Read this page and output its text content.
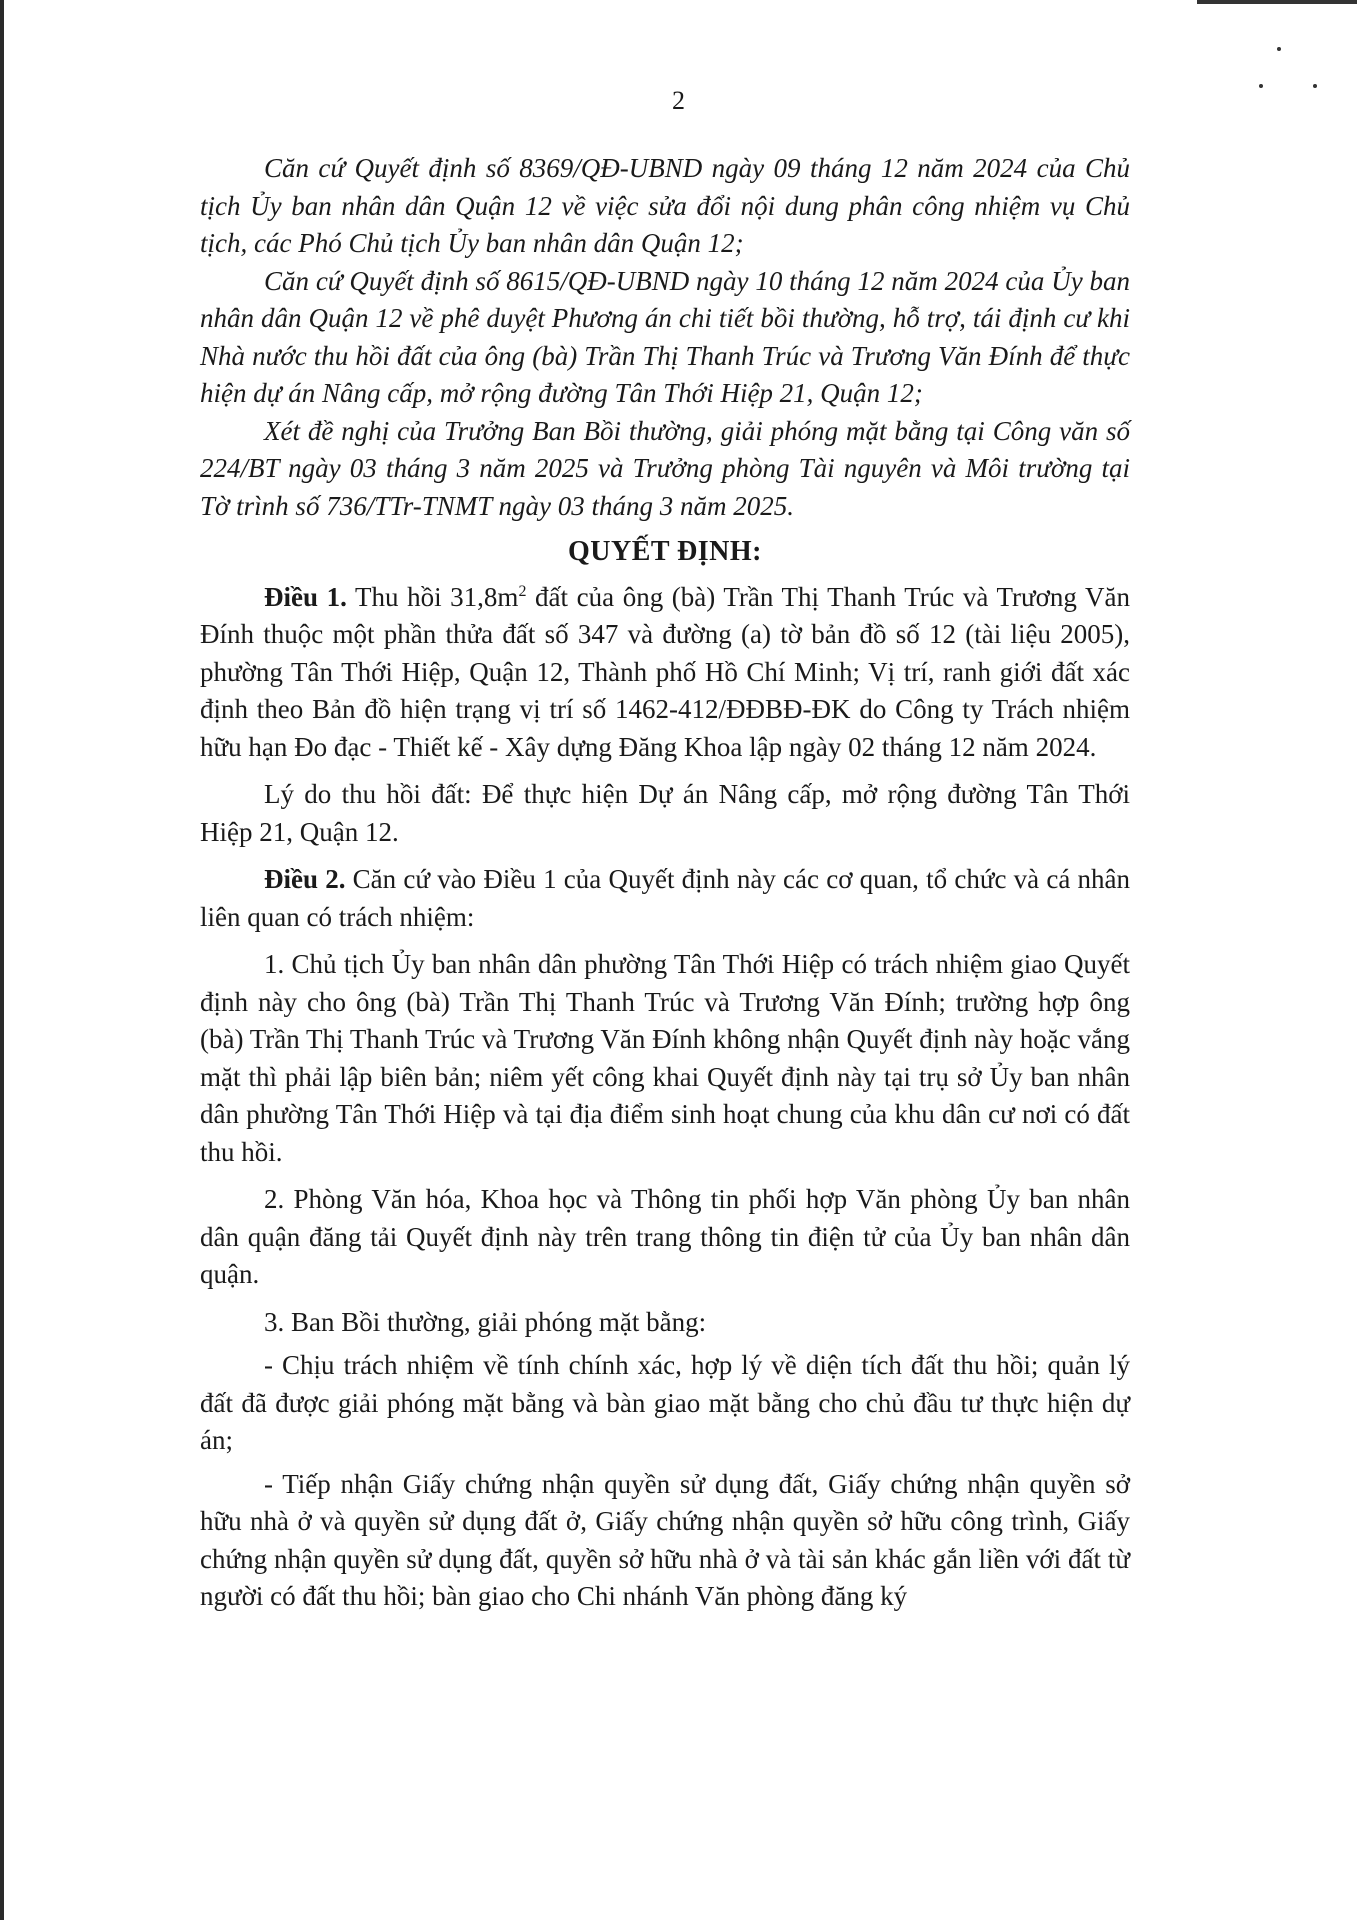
2

Căn cứ Quyết định số 8369/QĐ-UBND ngày 09 tháng 12 năm 2024 của Chủ tịch Ủy ban nhân dân Quận 12 về việc sửa đổi nội dung phân công nhiệm vụ Chủ tịch, các Phó Chủ tịch Ủy ban nhân dân Quận 12;

Căn cứ Quyết định số 8615/QĐ-UBND ngày 10 tháng 12 năm 2024 của Ủy ban nhân dân Quận 12 về phê duyệt Phương án chi tiết bồi thường, hỗ trợ, tái định cư khi Nhà nước thu hồi đất của ông (bà) Trần Thị Thanh Trúc và Trương Văn Đính để thực hiện dự án Nâng cấp, mở rộng đường Tân Thới Hiệp 21, Quận 12;

Xét đề nghị của Trưởng Ban Bồi thường, giải phóng mặt bằng tại Công văn số 224/BT ngày 03 tháng 3 năm 2025 và Trưởng phòng Tài nguyên và Môi trường tại Tờ trình số 736/TTr-TNMT ngày 03 tháng 3 năm 2025.

QUYẾT ĐỊNH:

Điều 1. Thu hồi $31,8m^2$ đất của ông (bà) Trần Thị Thanh Trúc và Trương Văn Đính thuộc một phần thửa đất số 347 và đường (a) tờ bản đồ số 12 (tài liệu 2005), phường Tân Thới Hiệp, Quận 12, Thành phố Hồ Chí Minh; Vị trí, ranh giới đất xác định theo Bản đồ hiện trạng vị trí số 1462-412/ĐĐBĐ-ĐK do Công ty Trách nhiệm hữu hạn Đo đạc - Thiết kế - Xây dựng Đăng Khoa lập ngày 02 tháng 12 năm 2024.

Lý do thu hồi đất: Để thực hiện Dự án Nâng cấp, mở rộng đường Tân Thới Hiệp 21, Quận 12.

Điều 2. Căn cứ vào Điều 1 của Quyết định này các cơ quan, tổ chức và cá nhân liên quan có trách nhiệm:

1. Chủ tịch Ủy ban nhân dân phường Tân Thới Hiệp có trách nhiệm giao Quyết định này cho ông (bà) Trần Thị Thanh Trúc và Trương Văn Đính; trường hợp ông (bà) Trần Thị Thanh Trúc và Trương Văn Đính không nhận Quyết định này hoặc vắng mặt thì phải lập biên bản; niêm yết công khai Quyết định này tại trụ sở Ủy ban nhân dân phường Tân Thới Hiệp và tại địa điểm sinh hoạt chung của khu dân cư nơi có đất thu hồi.

2. Phòng Văn hóa, Khoa học và Thông tin phối hợp Văn phòng Ủy ban nhân dân quận đăng tải Quyết định này trên trang thông tin điện tử của Ủy ban nhân dân quận.

3. Ban Bồi thường, giải phóng mặt bằng:

- Chịu trách nhiệm về tính chính xác, hợp lý về diện tích đất thu hồi; quản lý đất đã được giải phóng mặt bằng và bàn giao mặt bằng cho chủ đầu tư thực hiện dự án;

- Tiếp nhận Giấy chứng nhận quyền sử dụng đất, Giấy chứng nhận quyền sở hữu nhà ở và quyền sử dụng đất ở, Giấy chứng nhận quyền sở hữu công trình, Giấy chứng nhận quyền sử dụng đất, quyền sở hữu nhà ở và tài sản khác gắn liền với đất từ người có đất thu hồi; bàn giao cho Chi nhánh Văn phòng đăng ký
